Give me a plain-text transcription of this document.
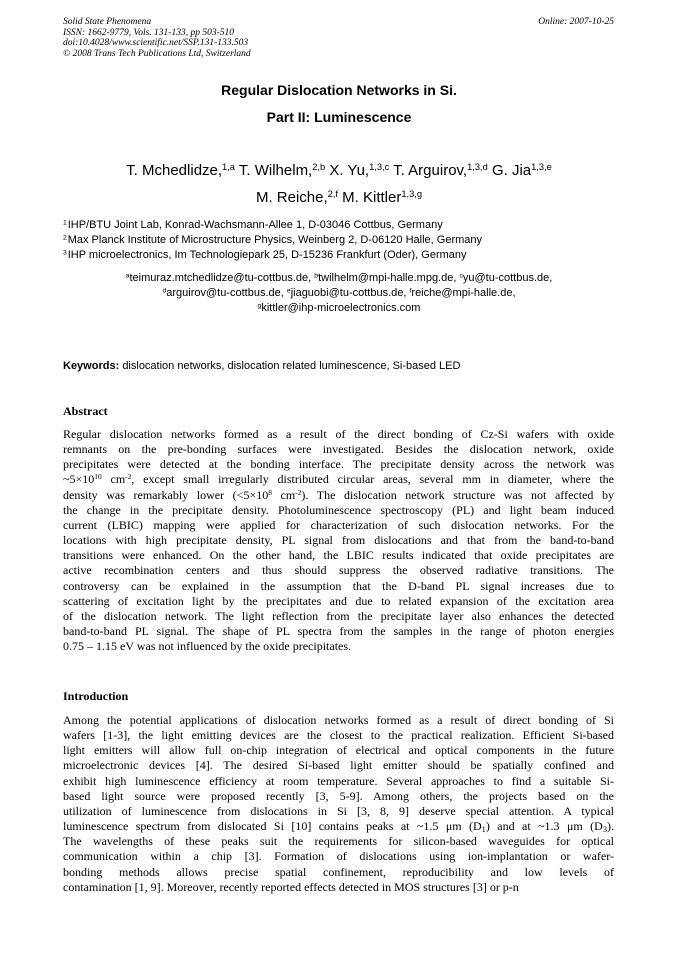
Solid State Phenomena
ISSN: 1662-9779, Vols. 131-133, pp 503-510
doi:10.4028/www.scientific.net/SSP.131-133.503
© 2008 Trans Tech Publications Ltd, Switzerland
Online: 2007-10-25
Regular Dislocation Networks in Si.
Part II: Luminescence
T. Mchedlidze,$^{1,a}$ T. Wilhelm,$^{2,b}$ X. Yu,$^{1,3,c}$ T. Arguirov,$^{1,3,d}$ G. Jia$^{1,3,e}$
M. Reiche,$^{2,f}$ M. Kittler$^{1,3,g}$
$^1$ IHP/BTU Joint Lab, Konrad-Wachsmann-Allee 1, D-03046 Cottbus, Germany
$^2$ Max Planck Institute of Microstructure Physics, Weinberg 2, D-06120 Halle, Germany
$^3$ IHP microelectronics, Im Technologiepark 25, D-15236 Frankfurt (Oder), Germany
$^a$teimuraz.mtchedlidze@tu-cottbus.de, $^b$twilhelm@mpi-halle.mpg.de, $^c$yu@tu-cottbus.de,
$^d$arguirov@tu-cottbus.de, $^e$jiaguobi@tu-cottbus.de, $^f$reiche@mpi-halle.de,
$^g$kittler@ihp-microelectronics.com
Keywords: dislocation networks, dislocation related luminescence, Si-based LED
Abstract
Regular dislocation networks formed as a result of the direct bonding of Cz-Si wafers with oxide
remnants on the pre-bonding surfaces were investigated. Besides the dislocation network, oxide
precipitates were detected at the bonding interface. The precipitate density across the network was
$\sim 5\times 10^{10}$ $cm^{-2}$, except small irregularly distributed circular areas, several mm in diameter, where the
density was remarkably lower ($<5\times 10^8$ $cm^{-2}$). The dislocation network structure was not affected by
the change in the precipitate density. Photoluminescence spectroscopy (PL) and light beam induced
current (LBIC) mapping were applied for characterization of such dislocation networks. For the
locations with high precipitate density, PL signal from dislocations and that from the band-to-band
transitions were enhanced. On the other hand, the LBIC results indicated that oxide precipitates are
active recombination centers and thus should suppress the observed radiative transitions. The
controversy can be explained in the assumption that the D-band PL signal increases due to
scattering of excitation light by the precipitates and due to related expansion of the excitation area
of the dislocation network. The light reflection from the precipitate layer also enhances the detected
band-to-band PL signal. The shape of PL spectra from the samples in the range of photon energies
0.75 – 1.15 eV was not influenced by the oxide precipitates.
Introduction
Among the potential applications of dislocation networks formed as a result of direct bonding of Si
wafers [1-3], the light emitting devices are the closest to the practical realization. Efficient Si-based
light emitters will allow full on-chip integration of electrical and optical components in the future
microelectronic devices [4]. The desired Si-based light emitter should be spatially confined and
exhibit high luminescence efficiency at room temperature. Several approaches to find a suitable Si-
based light source were proposed recently [3, 5-9]. Among others, the projects based on the
utilization of luminescence from dislocations in Si [3, 8, 9] deserve special attention. A typical
luminescence spectrum from dislocated Si [10] contains peaks at ~1.5 μm $(D_1)$ and at ~1.3 μm $(D_3)$.
The wavelengths of these peaks suit the requirements for silicon-based waveguides for optical
communication within a chip [3]. Formation of dislocations using ion-implantation or wafer-
bonding methods allows precise spatial confinement, reproducibility and low levels of
contamination [1, 9]. Moreover, recently reported effects detected in MOS structures [3] or p-n
